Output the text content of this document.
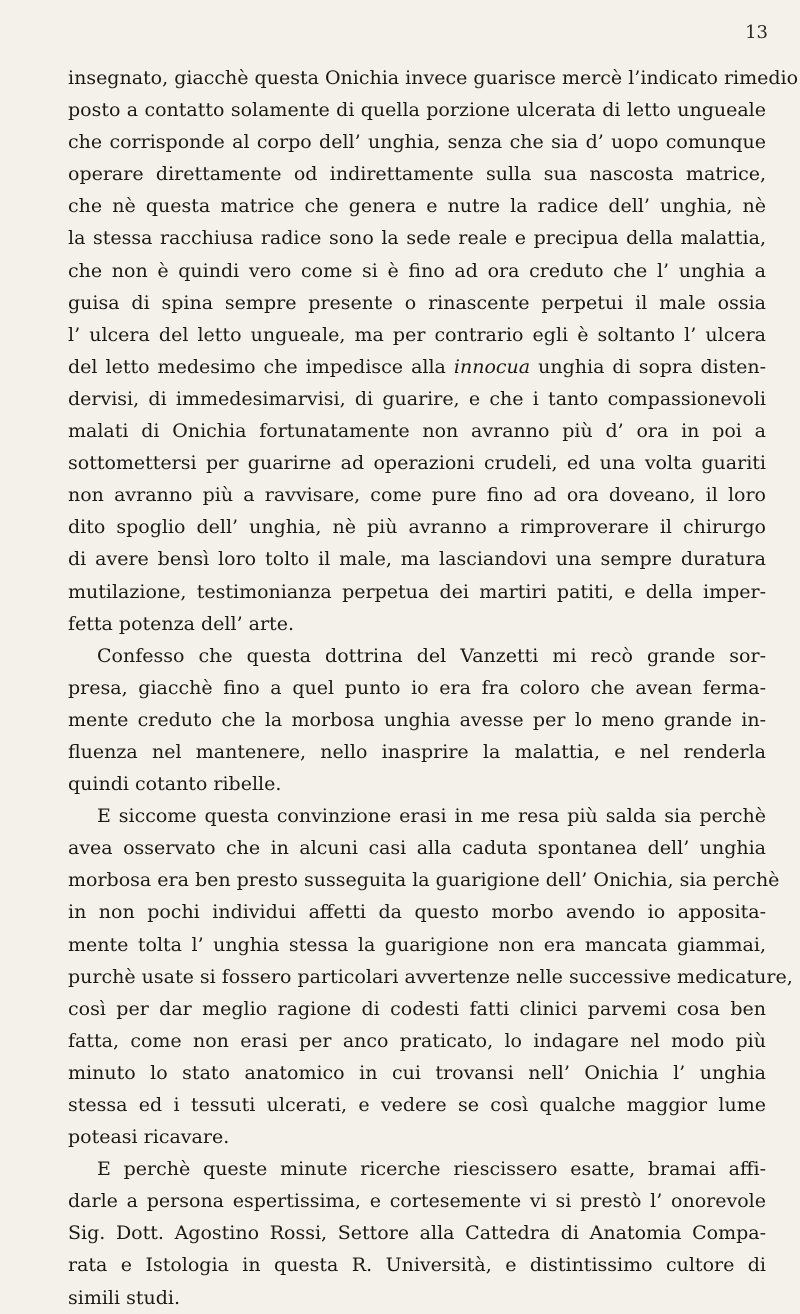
13

insegnato, giacchè questa Onichia invece guarisce mercè l’indicato rimedio
posto a contatto solamente di quella porzione ulcerata di letto ungueale
che corrisponde al corpo dell’ unghia, senza che sia d’ uopo comunque
operare direttamente od indirettamente sulla sua nascosta matrice,
che nè questa matrice che genera e nutre la radice dell’ unghia, nè
la stessa racchiusa radice sono la sede reale e precipua della malattia,
che non è quindi vero come si è fino ad ora creduto che l’ unghia a
guisa di spina sempre presente o rinascente perpetui il male ossia
l’ ulcera del letto ungueale, ma per contrario egli è soltanto l’ ulcera
del letto medesimo che impedisce alla innocua unghia di sopra disten-
dervisi, di immedesimarvisi, di guarire, e che i tanto compassionevoli
malati di Onichia fortunatamente non avranno più d’ ora in poi a
sottomettersi per guarirne ad operazioni crudeli, ed una volta guariti
non avranno più a ravvisare, come pure fino ad ora doveano, il loro
dito spoglio dell’ unghia, nè più avranno a rimproverare il chirurgo
di avere bensì loro tolto il male, ma lasciandovi una sempre duratura
mutilazione, testimonianza perpetua dei martiri patiti, e della imper-
fetta potenza dell’ arte.
Confesso che questa dottrina del Vanzetti mi recò grande sor-
presa, giacchè fino a quel punto io era fra coloro che avean ferma-
mente creduto che la morbosa unghia avesse per lo meno grande in-
fluenza nel mantenere, nello inasprire la malattia, e nel renderla
quindi cotanto ribelle.
E siccome questa convinzione erasi in me resa più salda sia perchè
avea osservato che in alcuni casi alla caduta spontanea dell’ unghia
morbosa era ben presto susseguita la guarigione dell’ Onichia, sia perchè
in non pochi individui affetti da questo morbo avendo io apposita-
mente tolta l’ unghia stessa la guarigione non era mancata giammai,
purchè usate si fossero particolari avvertenze nelle successive medicature,
così per dar meglio ragione di codesti fatti clinici parvemi cosa ben
fatta, come non erasi per anco praticato, lo indagare nel modo più
minuto lo stato anatomico in cui trovansi nell’ Onichia l’ unghia
stessa ed i tessuti ulcerati, e vedere se così qualche maggior lume
poteasi ricavare.
E perchè queste minute ricerche riescissero esatte, bramai affi-
darle a persona espertissima, e cortesemente vi si prestò l’ onorevole
Sig. Dott. Agostino Rossi, Settore alla Cattedra di Anatomia Compa-
rata e Istologia in questa R. Università, e distintissimo cultore di
simili studi.
